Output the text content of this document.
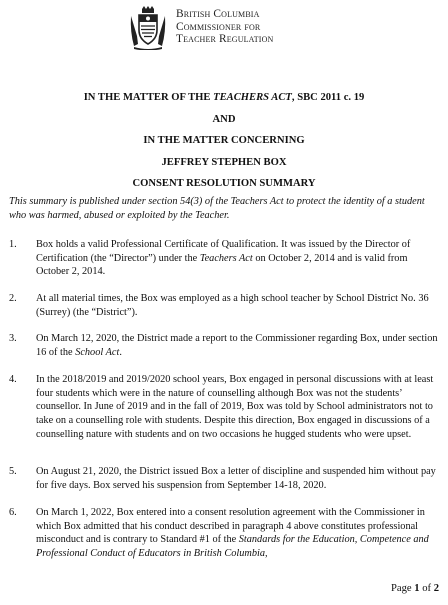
British Columbia
Commissioner for
Teacher Regulation
IN THE MATTER OF THE TEACHERS ACT, SBC 2011 c. 19
AND
IN THE MATTER CONCERNING
JEFFREY STEPHEN BOX
CONSENT RESOLUTION SUMMARY
This summary is published under section 54(3) of the Teachers Act to protect the identity of a student who was harmed, abused or exploited by the Teacher.
1.	Box holds a valid Professional Certificate of Qualification. It was issued by the Director of Certification (the “Director”) under the Teachers Act on October 2, 2014 and is valid from October 2, 2014.
2.	At all material times, the Box was employed as a high school teacher by School District No. 36 (Surrey) (the “District”).
3.	On March 12, 2020, the District made a report to the Commissioner regarding Box, under section 16 of the School Act.
4.	In the 2018/2019 and 2019/2020 school years, Box engaged in personal discussions with at least four students which were in the nature of counselling although Box was not the students’ counsellor. In June of 2019 and in the fall of 2019, Box was told by School administrators not to take on a counselling role with students. Despite this direction, Box engaged in discussions of a counselling nature with students and on two occasions he hugged students who were upset.
5.	On August 21, 2020, the District issued Box a letter of discipline and suspended him without pay for five days. Box served his suspension from September 14-18, 2020.
6.	On March 1, 2022, Box entered into a consent resolution agreement with the Commissioner in which Box admitted that his conduct described in paragraph 4 above constitutes professional misconduct and is contrary to Standard #1 of the Standards for the Education, Competence and Professional Conduct of Educators in British Columbia,
Page 1 of 2
